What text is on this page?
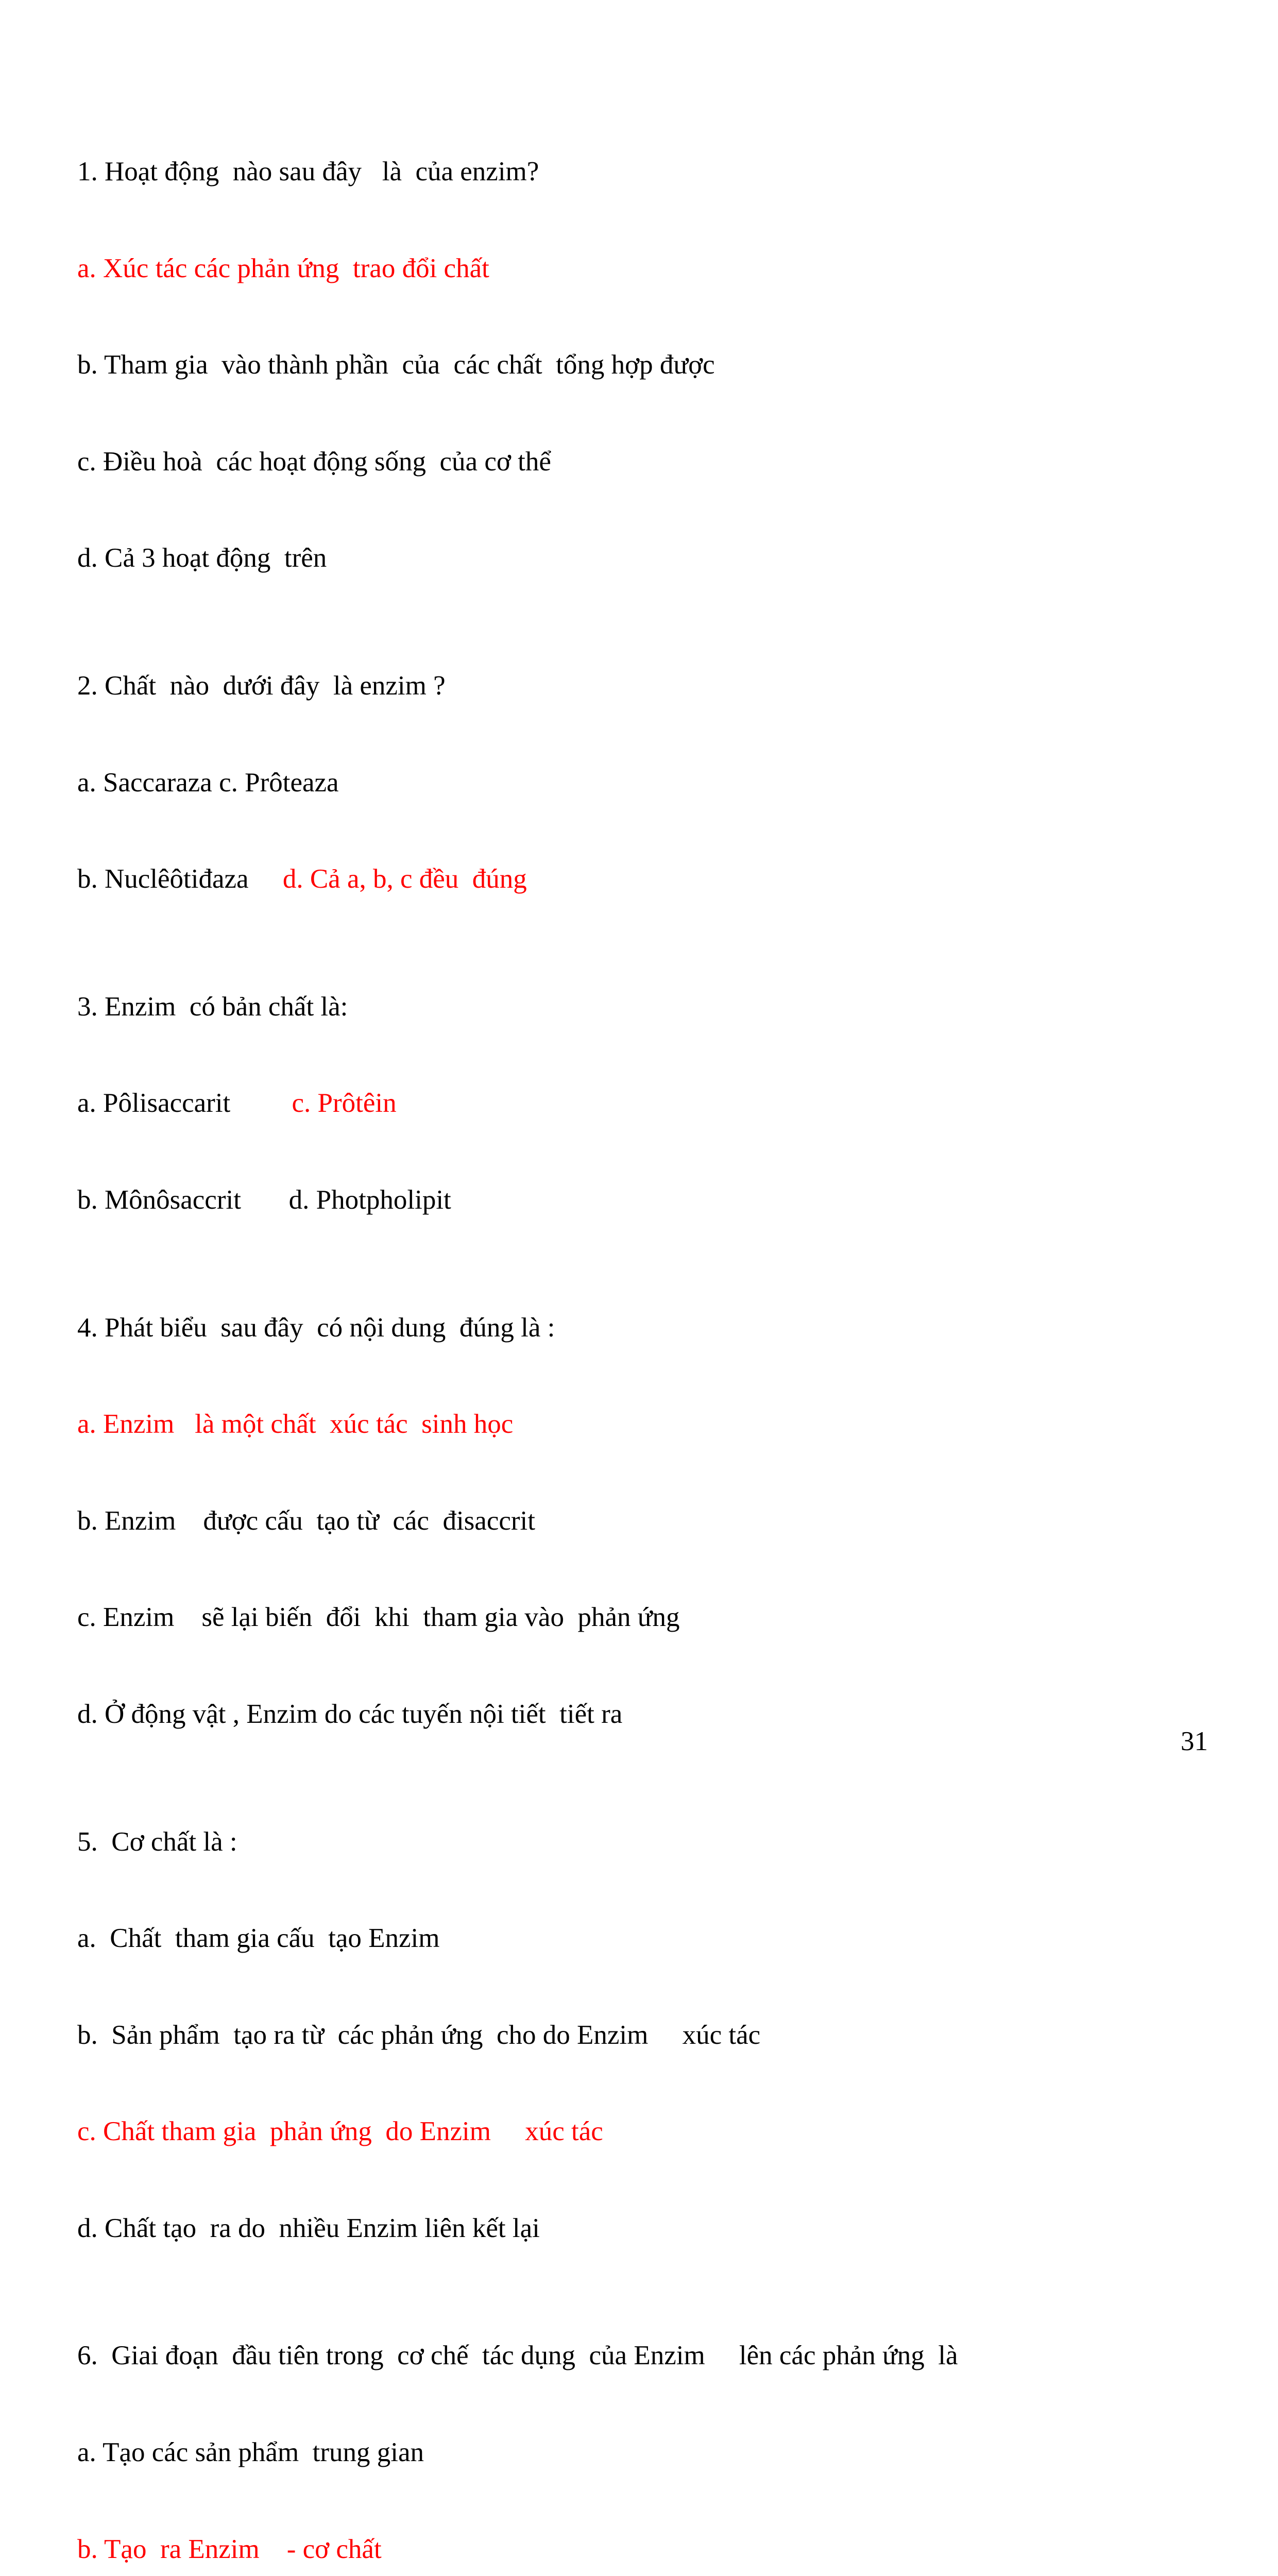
1. Hoạt động  nào sau đây   là  của enzim?

a. Xúc tác các phản ứng  trao đổi chất

b. Tham gia  vào thành phần  của  các chất  tổng hợp được

c. Điều hoà  các hoạt động sống  của cơ thể

d. Cả 3 hoạt động  trên

2. Chất  nào  dưới đây  là enzim ?

a. Saccaraza c. Prôteaza

b. Nuclêôtiđaza     d. Cả a, b, c đều  đúng

3. Enzim  có bản chất là:

a. Pôlisaccarit         c. Prôtêin

b. Mônôsaccrit       d. Photpholipit

4. Phát biểu  sau đây  có nội dung  đúng là :

a. Enzim   là một chất  xúc tác  sinh học

b. Enzim    được cấu  tạo từ  các  đisaccrit

c. Enzim    sẽ lại biến  đổi  khi  tham gia vào  phản ứng

d. Ở động vật , Enzim do các tuyến nội tiết  tiết ra

5.  Cơ chất là :

a.  Chất  tham gia cấu  tạo Enzim

b.  Sản phẩm  tạo ra từ  các phản ứng  cho do Enzim     xúc tác

c. Chất tham gia  phản ứng  do Enzim     xúc tác

d. Chất tạo  ra do  nhiều Enzim liên kết lại

6.  Giai đoạn  đầu tiên trong  cơ chế  tác dụng  của Enzim     lên các phản ứng  là

a. Tạo các sản phẩm  trung gian

b. Tạo  ra Enzim    - cơ chất

31
